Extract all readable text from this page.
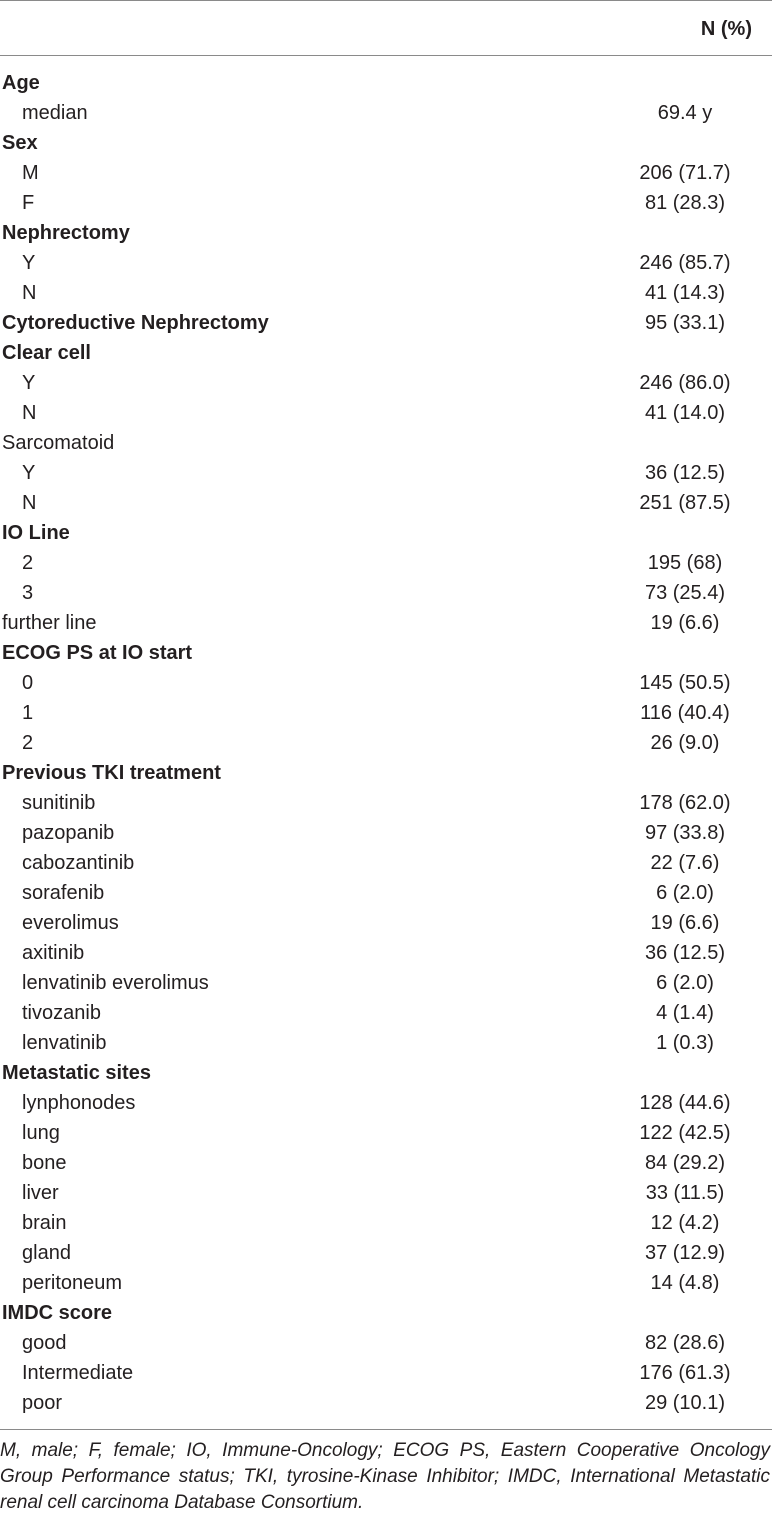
N (%)
Age
median	69.4 y
Sex
M	206 (71.7)
F	81 (28.3)
Nephrectomy
Y	246 (85.7)
N	41 (14.3)
Cytoreductive Nephrectomy	95 (33.1)
Clear cell
Y	246 (86.0)
N	41 (14.0)
Sarcomatoid
Y	36 (12.5)
N	251 (87.5)
IO Line
2	195 (68)
3	73 (25.4)
further line	19 (6.6)
ECOG PS at IO start
0	145 (50.5)
1	116 (40.4)
2	26 (9.0)
Previous TKI treatment
sunitinib	178 (62.0)
pazopanib	97 (33.8)
cabozantinib	22 (7.6)
sorafenib	6 (2.0)
everolimus	19 (6.6)
axitinib	36 (12.5)
lenvatinib everolimus	6 (2.0)
tivozanib	4 (1.4)
lenvatinib	1 (0.3)
Metastatic sites
lynphonodes	128 (44.6)
lung	122 (42.5)
bone	84 (29.2)
liver	33 (11.5)
brain	12 (4.2)
gland	37 (12.9)
peritoneum	14 (4.8)
IMDC score
good	82 (28.6)
Intermediate	176 (61.3)
poor	29 (10.1)
M, male; F, female; IO, Immune-Oncology; ECOG PS, Eastern Cooperative Oncology Group Performance status; TKI, tyrosine-Kinase Inhibitor; IMDC, International Metastatic renal cell carcinoma Database Consortium.
